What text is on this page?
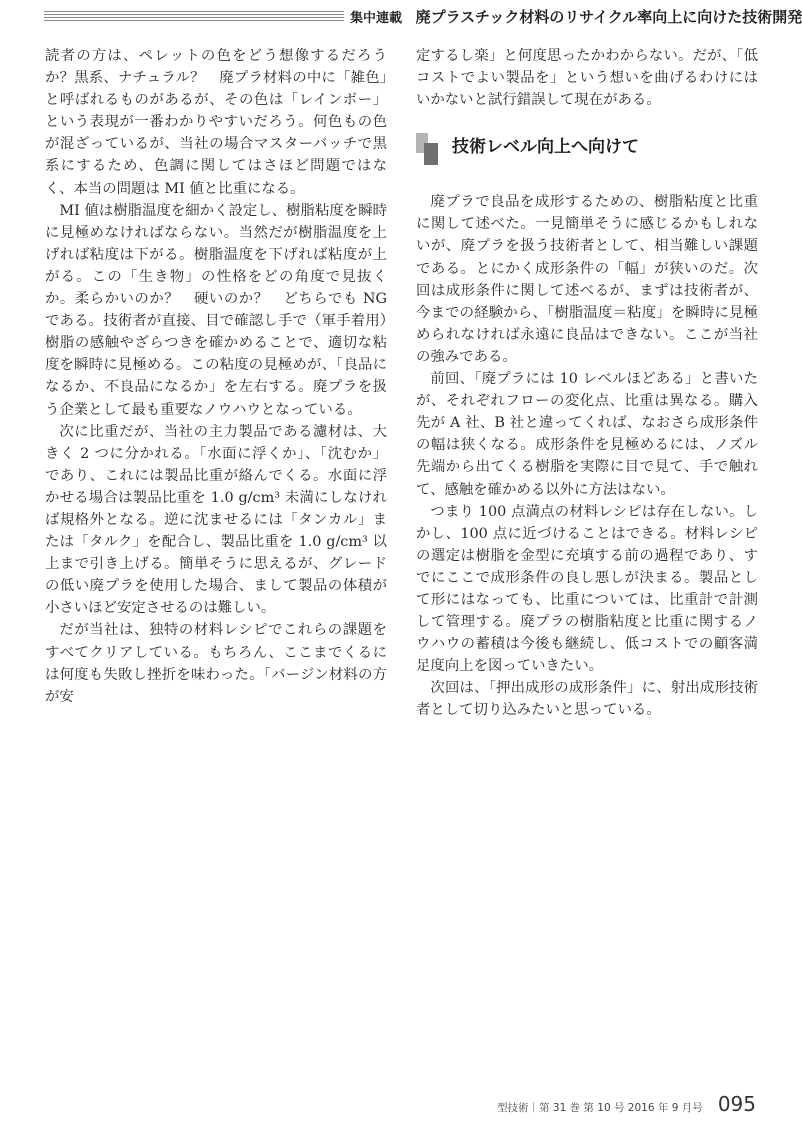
集中連載 廃プラスチック材料のリサイクル率向上に向けた技術開発

読者の方は、ペレットの色をどう想像するだろうか？黒系、ナチュラル？　廃プラ材料の中に「雑色」と呼ばれるものがあるが、その色は「レインボー」という表現が一番わかりやすいだろう。何色もの色が混ざっているが、当社の場合マスターバッチで黒系にするため、色調に関してはさほど問題ではなく、本当の問題は MI 値と比重になる。

MI 値は樹脂温度を細かく設定し、樹脂粘度を瞬時に見極めなければならない。当然だが樹脂温度を上げれば粘度は下がる。樹脂温度を下げれば粘度が上がる。この「生き物」の性格をどの角度で見抜くか。柔らかいのか？　硬いのか？　どちらでも NG である。技術者が直接、目で確認し手で（軍手着用）樹脂の感触やざらつきを確かめることで、適切な粘度を瞬時に見極める。この粘度の見極めが、「良品になるか、不良品になるか」を左右する。廃プラを扱う企業として最も重要なノウハウとなっている。

次に比重だが、当社の主力製品である濾材は、大きく 2 つに分かれる。「水面に浮くか」、「沈むか」であり、これには製品比重が絡んでくる。水面に浮かせる場合は製品比重を 1.0 g/cm³ 未満にしなければ規格外となる。逆に沈ませるには「タンカル」または「タルク」を配合し、製品比重を 1.0 g/cm³ 以上まで引き上げる。簡単そうに思えるが、グレードの低い廃プラを使用した場合、まして製品の体積が小さいほど安定させるのは難しい。

だが当社は、独特の材料レシピでこれらの課題をすべてクリアしている。もちろん、ここまでくるには何度も失敗し挫折を味わった。「バージン材料の方が安

定するし楽」と何度思ったかわからない。だが、「低コストでよい製品を」という想いを曲げるわけにはいかないと試行錯誤して現在がある。

技術レベル向上へ向けて

廃プラで良品を成形するための、樹脂粘度と比重に関して述べた。一見簡単そうに感じるかもしれないが、廃プラを扱う技術者として、相当難しい課題である。とにかく成形条件の「幅」が狭いのだ。次回は成形条件に関して述べるが、まずは技術者が、今までの経験から、「樹脂温度＝粘度」を瞬時に見極められなければ永遠に良品はできない。ここが当社の強みである。

前回、「廃プラには 10 レベルほどある」と書いたが、それぞれフローの変化点、比重は異なる。購入先が A 社、B 社と違ってくれば、なおさら成形条件の幅は狭くなる。成形条件を見極めるには、ノズル先端から出てくる樹脂を実際に目で見て、手で触れて、感触を確かめる以外に方法はない。

つまり 100 点満点の材料レシピは存在しない。しかし、100 点に近づけることはできる。材料レシピの選定は樹脂を金型に充填する前の過程であり、すでにここで成形条件の良し悪しが決まる。製品として形にはなっても、比重については、比重計で計測して管理する。廃プラの樹脂粘度と比重に関するノウハウの蓄積は今後も継続し、低コストでの顧客満足度向上を図っていきたい。

次回は、「押出成形の成形条件」に、射出成形技術者として切り込みたいと思っている。

型技術｜第 31 巻 第 10 号 2016 年 9 月号 095
